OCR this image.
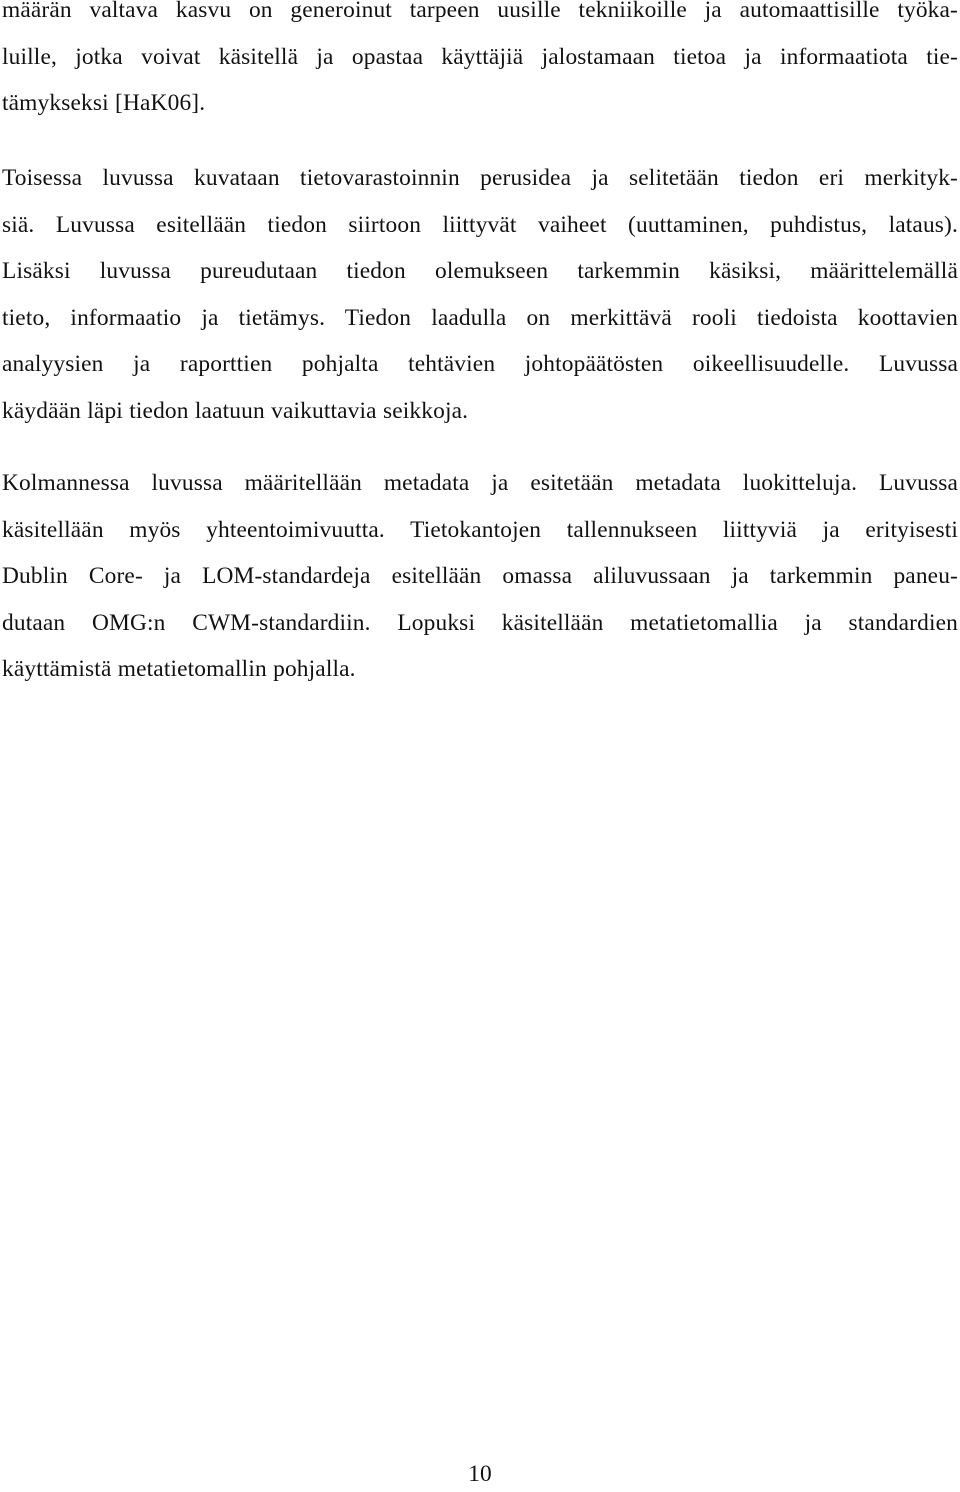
määrän valtava kasvu on generoinut tarpeen uusille tekniikoille ja automaattisille työka-
luille, jotka voivat käsitellä ja opastaa käyttäjiä jalostamaan tietoa ja informaatiota tie-
tämykseksi [HaK06].

Toisessa luvussa kuvataan tietovarastoinnin perusidea ja selitetään tiedon eri merkityk-
siä. Luvussa esitellään tiedon siirtoon liittyvät vaiheet (uuttaminen, puhdistus, lataus).
Lisäksi luvussa pureudutaan tiedon olemukseen tarkemmin käsiksi, määrittelemällä
tieto, informaatio ja tietämys. Tiedon laadulla on merkittävä rooli tiedoista koottavien
analyysien ja raporttien pohjalta tehtävien johtopäätösten oikeellisuudelle. Luvussa
käydään läpi tiedon laatuun vaikuttavia seikkoja.

Kolmannessa luvussa määritellään metadata ja esitetään metadata luokitteluja. Luvussa
käsitellään myös yhteentoimivuutta. Tietokantojen tallennukseen liittyviä ja erityisesti
Dublin Core- ja LOM-standardeja esitellään omassa aliluvussaan ja tarkemmin paneu-
dutaan OMG:n CWM-standardiin. Lopuksi käsitellään metatietomallia ja standardien
käyttämistä metatietomallin pohjalla.

10
